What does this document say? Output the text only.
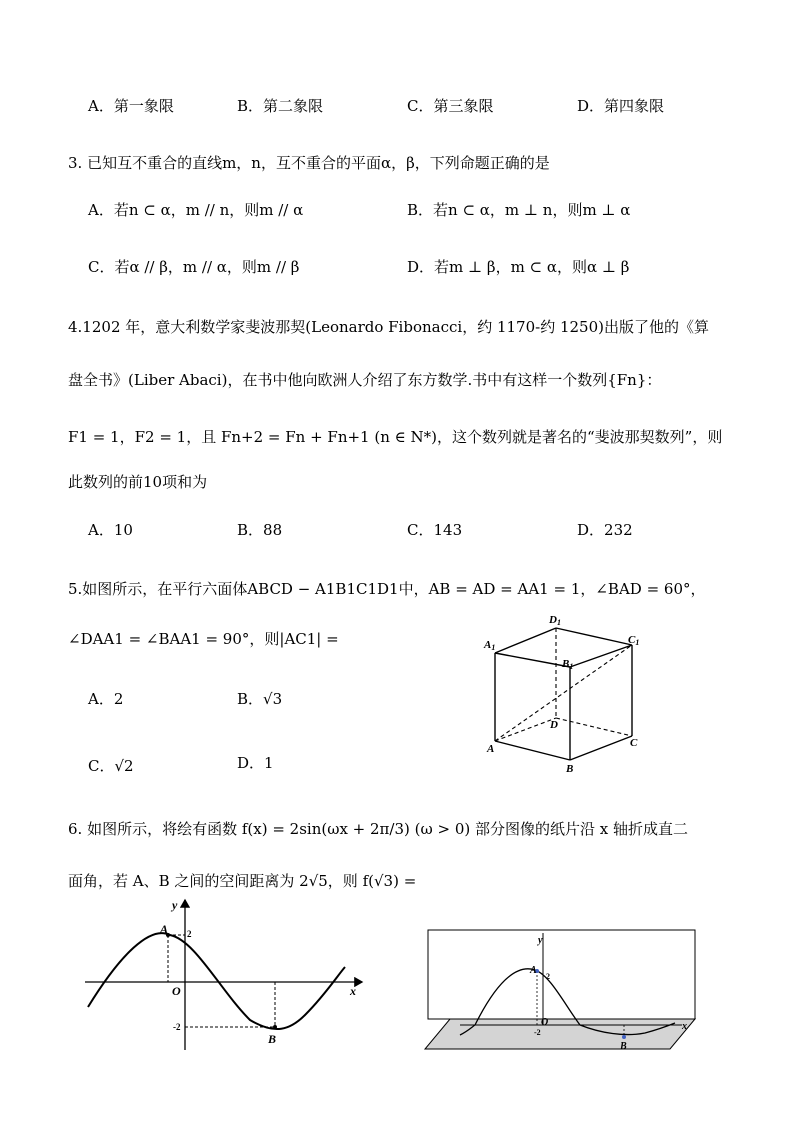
A．第一象限	B．第二象限	C．第三象限	D．第四象限
3. 已知互不重合的直线m，n，互不重合的平面α，β，下列命题正确的是
A．若n ⊂ α，m // n，则m // α	B．若n ⊂ α，m ⊥ n，则m ⊥ α
C．若α // β，m // α，则m // β	D．若m ⊥ β，m ⊂ α，则α ⊥ β
4.1202 年，意大利数学家斐波那契(Leonardo Fibonacci，约 1170-约 1250)出版了他的《算
盘全书》(Liber Abaci)，在书中他向欧洲人介绍了东方数学.书中有这样一个数列{Fn}：
F1 = 1，F2 = 1，且 Fn+2 = Fn + Fn+1 (n ∈ N*)，这个数列就是著名的“斐波那契数列”，则
此数列的前10项和为
A．10	B．88	C．143	D．232
5.如图所示，在平行六面体ABCD − A1B1C1D1中，AB = AD = AA1 = 1，∠BAD = 60°，
∠DAA1 = ∠BAA1 = 90°，则|AC1| =
A．2	B．√3
C．√2	D．1
A1
D1
C1
B1
D
A
B
C
6. 如图所示，将绘有函数 f(x) = 2sin(ωx + 2π/3) (ω > 0) 部分图像的纸片沿 x 轴折成直二
面角，若 A、B 之间的空间距离为 2√5，则 f(√3) =
y
x
O
A
B
2
-2
y
x
O
A
B
2
-2
